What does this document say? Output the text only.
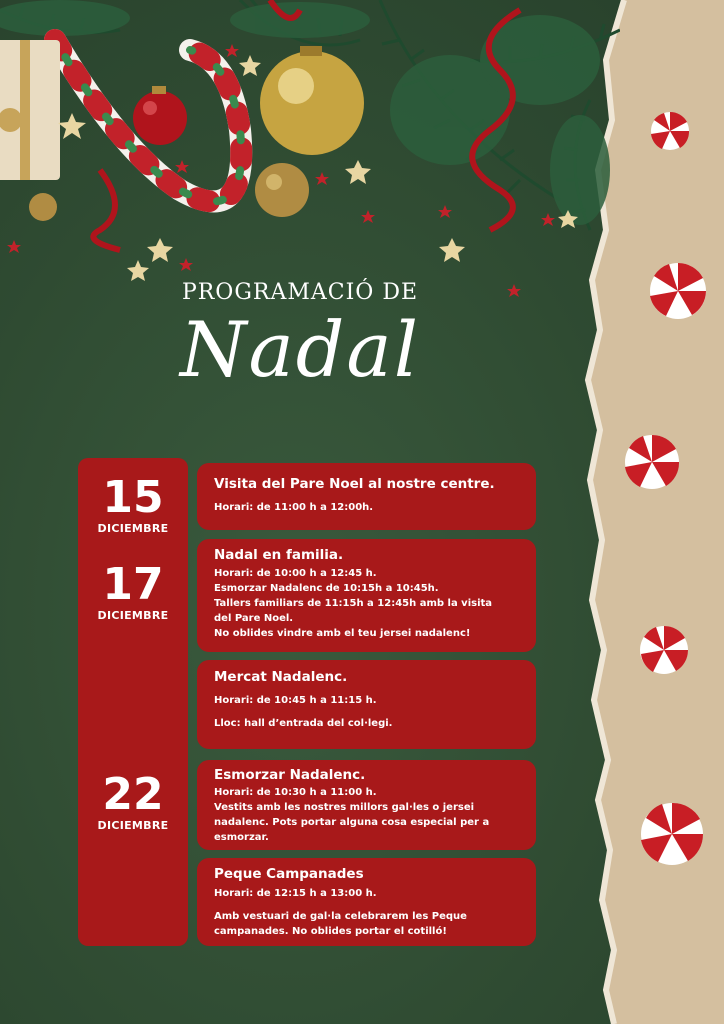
PROGRAMACIÓ DE
Nadal
15
DICIEMBRE
17
DICIEMBRE
22
DICIEMBRE
Visita del Pare Noel al nostre centre.
Horari: de 11:00 h a 12:00h.
Nadal en familia.
Horari: de 10:00 h a 12:45 h.
Esmorzar Nadalenc de 10:15h a 10:45h.
Tallers familiars de 11:15h a 12:45h amb la visita
del Pare Noel.
No oblides vindre amb el teu jersei nadalenc!
Mercat Nadalenc.
Horari: de 10:45 h a 11:15 h.
Lloc: hall d’entrada del col·legi.
Esmorzar Nadalenc.
Horari: de 10:30 h a 11:00 h.
Vestits amb les nostres millors gal·les o jersei
nadalenc. Pots portar alguna cosa especial per a
esmorzar.
Peque Campanades
Horari: de 12:15 h a 13:00 h.
Amb vestuari de gal·la celebrarem les Peque
campanades. No oblides portar el cotilló!
